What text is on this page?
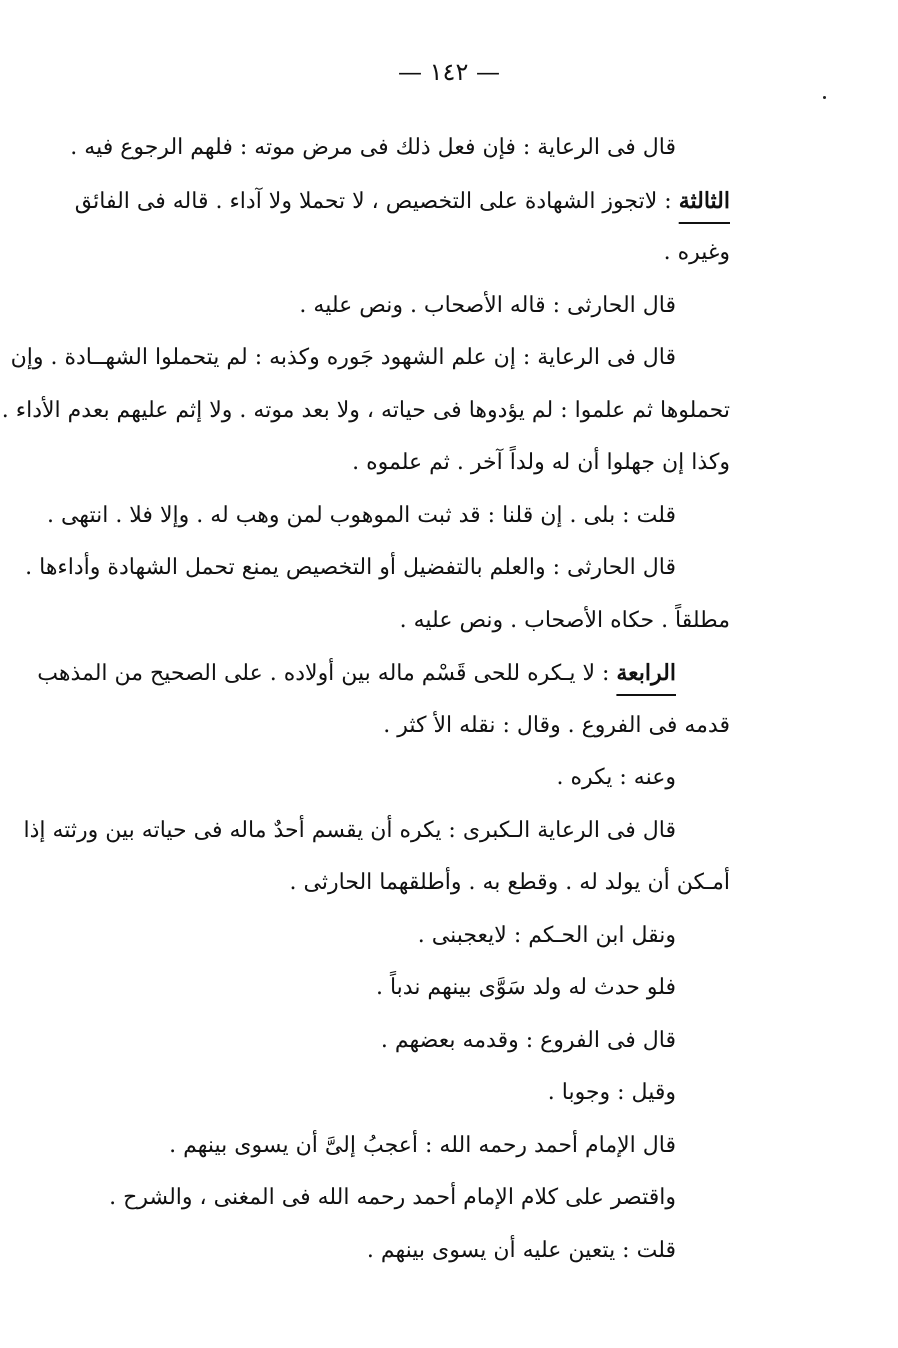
— ١٤٢ —
قال فى الرعاية : فإن فعل ذلك فى مرض موته : فلهم الرجوع فيه .
الثالثة : لاتجوز الشهادة على التخصيص ، لا تحملا ولا آداء . قاله فى الفائق
وغيره .
قال الحارثى : قاله الأصحاب . ونص عليه .
قال فى الرعاية : إن علم الشهود جَوره وكذبه : لم يتحملوا الشهــادة . وإن
تحملوها ثم علموا : لم يؤدوها فى حياته ، ولا بعد موته . ولا إثم عليهم بعدم الأداء .
وكذا إن جهلوا أن له ولداً آخر . ثم علموه .
قلت : بلى . إن قلنا : قد ثبت الموهوب لمن وهب له . وإلا فلا . انتهى .
قال الحارثى : والعلم بالتفضيل أو التخصيص يمنع تحمل الشهادة وأداءها .
مطلقاً . حكاه الأصحاب . ونص عليه .
الرابعة : لا يـكره للحى قَسْم ماله بين أولاده . على الصحيح من المذهب
قدمه فى الفروع . وقال : نقله الأ كثر .
وعنه : يكره .
قال فى الرعاية الـكبرى : يكره أن يقسم أحدٌ ماله فى حياته بين ورثته إذا
أمـكن أن يولد له . وقطع به . وأطلقهما الحارثى .
ونقل ابن الحـكم : لايعجبنى .
فلو حدث له ولد سَوَّى بينهم ندباً .
قال فى الفروع : وقدمه بعضهم .
وقيل : وجوبا .
قال الإمام أحمد رحمه الله : أعجبُ إلىَّ أن يسوى بينهم .
واقتصر على كلام الإمام أحمد رحمه الله فى المغنى ، والشرح .
قلت : يتعين عليه أن يسوى بينهم .
